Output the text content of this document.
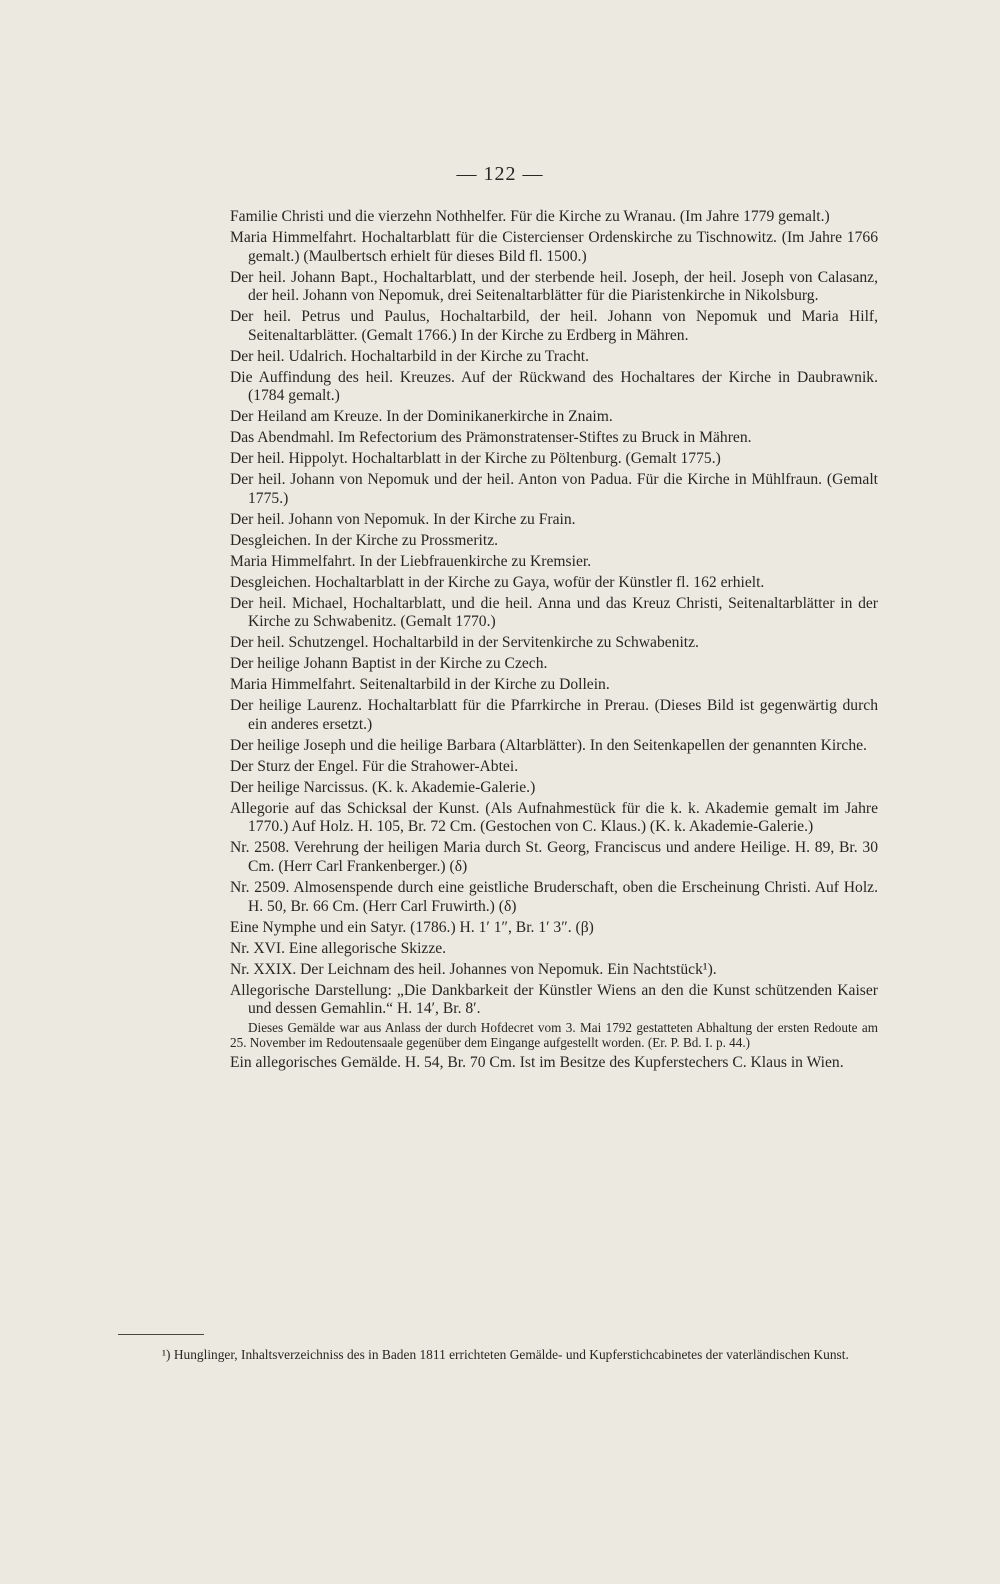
— 122 —

Familie Christi und die vierzehn Nothhelfer. Für die Kirche zu Wranau. (Im Jahre 1779 gemalt.)

Maria Himmelfahrt. Hochaltarblatt für die Cistercienser Ordenskirche zu Tischnowitz. (Im Jahre 1766 gemalt.) (Maulbertsch erhielt für dieses Bild fl. 1500.)

Der heil. Johann Bapt., Hochaltarblatt, und der sterbende heil. Joseph, der heil. Joseph von Calasanz, der heil. Johann von Nepomuk, drei Seitenaltarblätter für die Piaristenkirche in Nikolsburg.

Der heil. Petrus und Paulus, Hochaltarbild, der heil. Johann von Nepomuk und Maria Hilf, Seitenaltarblätter. (Gemalt 1766.) In der Kirche zu Erdberg in Mähren.

Der heil. Udalrich. Hochaltarbild in der Kirche zu Tracht.

Die Auffindung des heil. Kreuzes. Auf der Rückwand des Hochaltares der Kirche in Daubrawnik. (1784 gemalt.)

Der Heiland am Kreuze. In der Dominikanerkirche in Znaim.

Das Abendmahl. Im Refectorium des Prämonstratenser-Stiftes zu Bruck in Mähren.

Der heil. Hippolyt. Hochaltarblatt in der Kirche zu Pöltenburg. (Gemalt 1775.)

Der heil. Johann von Nepomuk und der heil. Anton von Padua. Für die Kirche in Mühlfraun. (Gemalt 1775.)

Der heil. Johann von Nepomuk. In der Kirche zu Frain.

Desgleichen. In der Kirche zu Prossmeritz.

Maria Himmelfahrt. In der Liebfrauenkirche zu Kremsier.

Desgleichen. Hochaltarblatt in der Kirche zu Gaya, wofür der Künstler fl. 162 erhielt.

Der heil. Michael, Hochaltarblatt, und die heil. Anna und das Kreuz Christi, Seitenaltarblätter in der Kirche zu Schwabenitz. (Gemalt 1770.)

Der heil. Schutzengel. Hochaltarbild in der Servitenkirche zu Schwabenitz.

Der heilige Johann Baptist in der Kirche zu Czech.

Maria Himmelfahrt. Seitenaltarbild in der Kirche zu Dollein.

Der heilige Laurenz. Hochaltarblatt für die Pfarrkirche in Prerau. (Dieses Bild ist gegenwärtig durch ein anderes ersetzt.)

Der heilige Joseph und die heilige Barbara (Altarblätter). In den Seitenkapellen der genannten Kirche.

Der Sturz der Engel. Für die Strahower-Abtei.

Der heilige Narcissus. (K. k. Akademie-Galerie.)

Allegorie auf das Schicksal der Kunst. (Als Aufnahmestück für die k. k. Akademie gemalt im Jahre 1770.) Auf Holz. H. 105, Br. 72 Cm. (Gestochen von C. Klaus.) (K. k. Akademie-Galerie.)

Nr. 2508. Verehrung der heiligen Maria durch St. Georg, Franciscus und andere Heilige. H. 89, Br. 30 Cm. (Herr Carl Frankenberger.) (δ)

Nr. 2509. Almosenspende durch eine geistliche Bruderschaft, oben die Erscheinung Christi. Auf Holz. H. 50, Br. 66 Cm. (Herr Carl Fruwirth.) (δ)

Eine Nymphe und ein Satyr. (1786.) H. 1′ 1″, Br. 1′ 3″. (β)

Nr. XVI. Eine allegorische Skizze.

Nr. XXIX. Der Leichnam des heil. Johannes von Nepomuk. Ein Nachtstück¹).

Allegorische Darstellung: „Die Dankbarkeit der Künstler Wiens an den die Kunst schützenden Kaiser und dessen Gemahlin.“ H. 14′, Br. 8′.

Dieses Gemälde war aus Anlass der durch Hofdecret vom 3. Mai 1792 gestatteten Abhaltung der ersten Redoute am 25. November im Redoutensaale gegenüber dem Eingange aufgestellt worden. (Er. P. Bd. I. p. 44.)

Ein allegorisches Gemälde. H. 54, Br. 70 Cm. Ist im Besitze des Kupferstechers C. Klaus in Wien.

¹) Hunglinger, Inhaltsverzeichniss des in Baden 1811 errichteten Gemälde- und Kupferstichcabinetes der vaterländischen Kunst.
